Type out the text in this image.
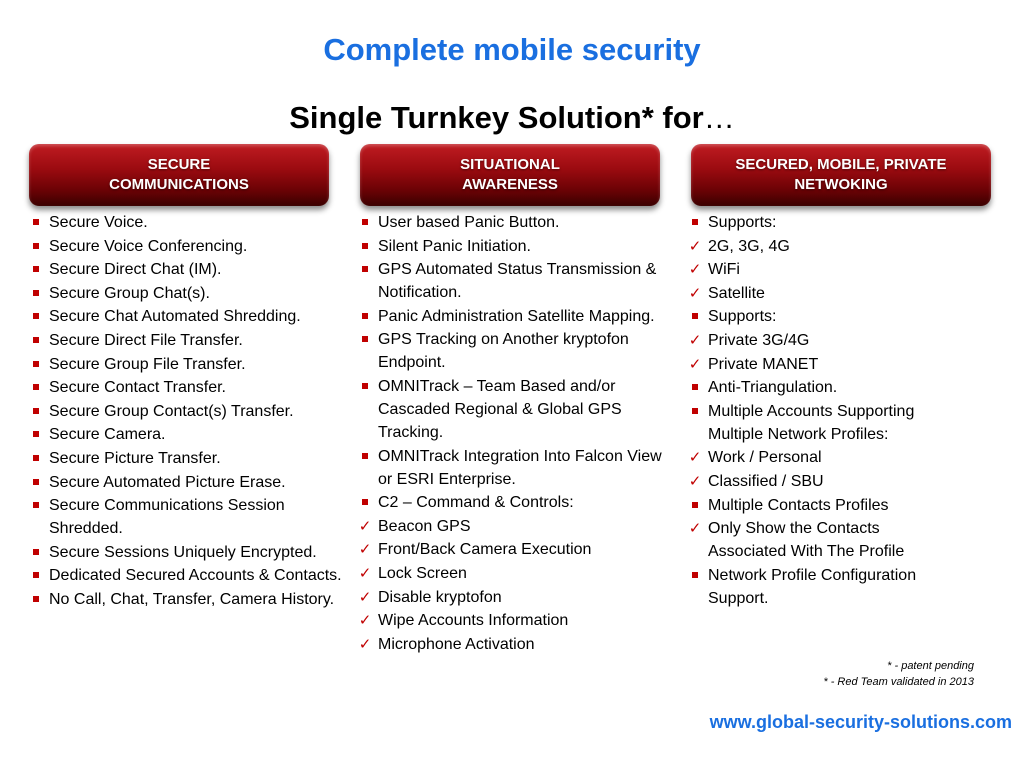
Complete mobile security
Single Turnkey Solution* for…
SECURE
COMMUNICATIONS
SITUATIONAL
AWARENESS
SECURED, MOBILE, PRIVATE
NETWOKING
Secure Voice.
Secure Voice Conferencing.
Secure Direct Chat (IM).
Secure Group Chat(s).
Secure Chat Automated Shredding.
Secure Direct File Transfer.
Secure Group File Transfer.
Secure Contact Transfer.
Secure Group Contact(s) Transfer.
Secure Camera.
Secure Picture Transfer.
Secure Automated Picture Erase.
Secure Communications Session Shredded.
Secure Sessions Uniquely Encrypted.
Dedicated Secured Accounts & Contacts.
No Call, Chat, Transfer, Camera History.
User based Panic Button.
Silent Panic Initiation.
GPS Automated Status Transmission & Notification.
Panic Administration Satellite Mapping.
GPS Tracking on Another kryptofon Endpoint.
OMNITrack – Team Based and/or Cascaded Regional & Global GPS Tracking.
OMNITrack Integration Into Falcon View or ESRI Enterprise.
C2 – Command & Controls:
✓ Beacon GPS
✓ Front/Back Camera Execution
✓ Lock Screen
✓ Disable kryptofon
✓ Wipe Accounts Information
✓ Microphone Activation
Supports:
✓ 2G, 3G, 4G
✓ WiFi
✓ Satellite
Supports:
✓ Private 3G/4G
✓ Private MANET
Anti-Triangulation.
Multiple Accounts Supporting Multiple Network Profiles:
✓ Work / Personal
✓ Classified / SBU
Multiple Contacts Profiles
✓ Only Show the Contacts Associated With The Profile
Network Profile Configuration Support.
* - patent pending
* - Red Team validated in 2013
www.global-security-solutions.com
